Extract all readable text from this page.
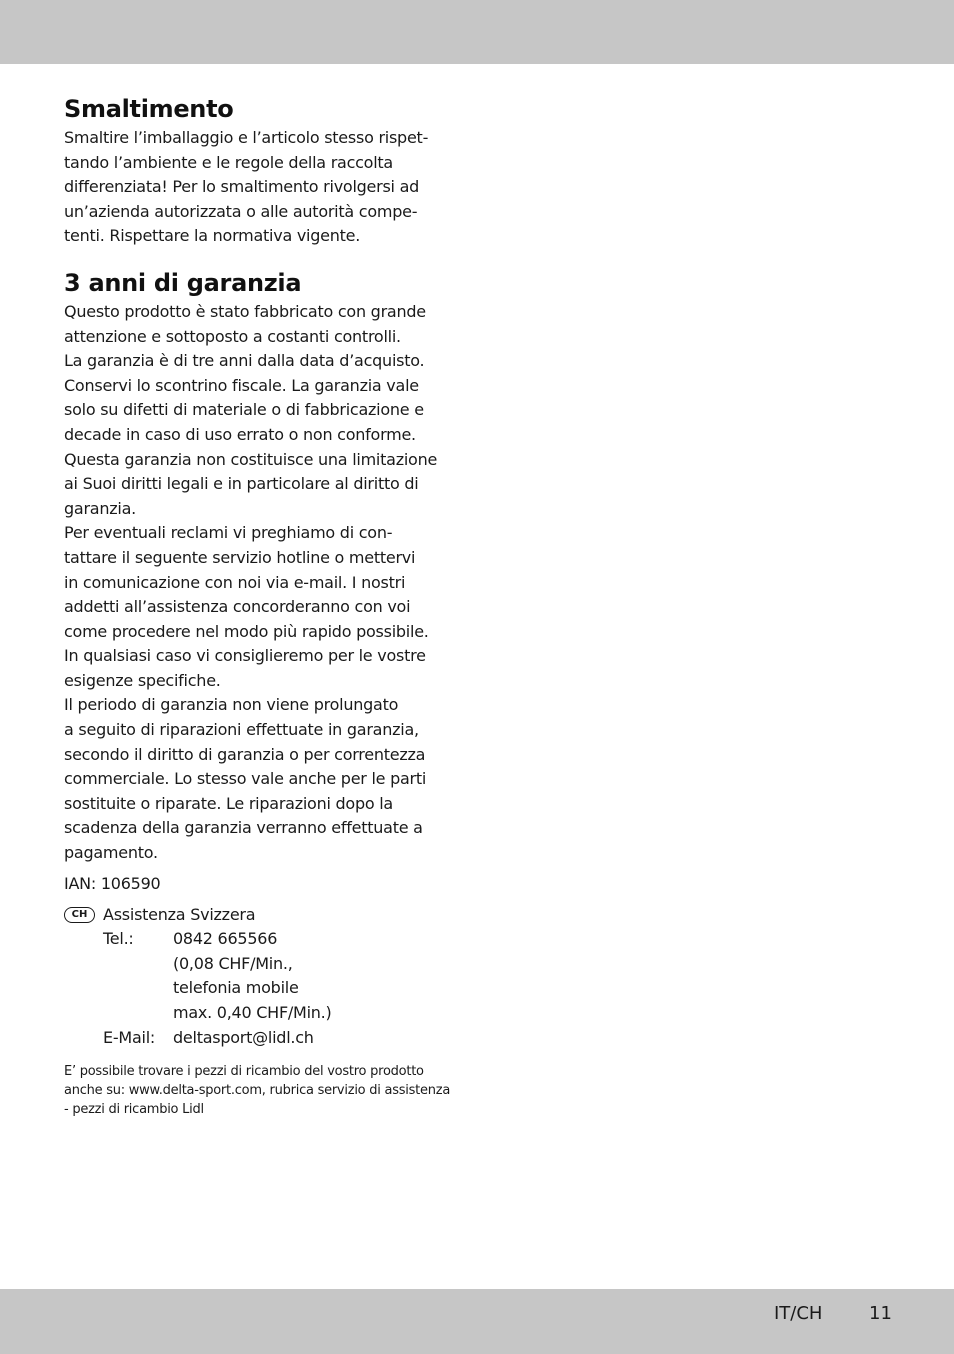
Smaltimento
Smaltire l’imballaggio e l’articolo stesso rispet-
tando l’ambiente e le regole della raccolta
differenziata! Per lo smaltimento rivolgersi ad
un’azienda autorizzata o alle autorità compe-
tenti. Rispettare la normativa vigente.
3 anni di garanzia
Questo prodotto è stato fabbricato con grande
attenzione e sottoposto a costanti controlli.
La garanzia è di tre anni dalla data d’acquisto.
Conservi lo scontrino fiscale. La garanzia vale
solo su difetti di materiale o di fabbricazione e
decade in caso di uso errato o non conforme.
Questa garanzia non costituisce una limitazione
ai Suoi diritti legali e in particolare al diritto di
garanzia.
Per eventuali reclami vi preghiamo di con-
tattare il seguente servizio hotline o mettervi
in comunicazione con noi via e-mail. I nostri
addetti all’assistenza concorderanno con voi
come procedere nel modo più rapido possibile.
In qualsiasi caso vi consiglieremo per le vostre
esigenze specifiche.
Il periodo di garanzia non viene prolungato
a seguito di riparazioni effettuate in garanzia,
secondo il diritto di garanzia o per correntezza
commerciale. Lo stesso vale anche per le parti
sostituite o riparate. Le riparazioni dopo la
scadenza della garanzia verranno effettuate a
pagamento.
IAN: 106590
CH Assistenza Svizzera
Tel.:	0842 665566
(0,08 CHF/Min.,
telefonia mobile
max. 0,40 CHF/Min.)
E-Mail:	deltasport@lidl.ch
E’ possibile trovare i pezzi di ricambio del vostro prodotto
anche su: www.delta-sport.com, rubrica servizio di assistenza
- pezzi di ricambio Lidl
IT/CH	11
